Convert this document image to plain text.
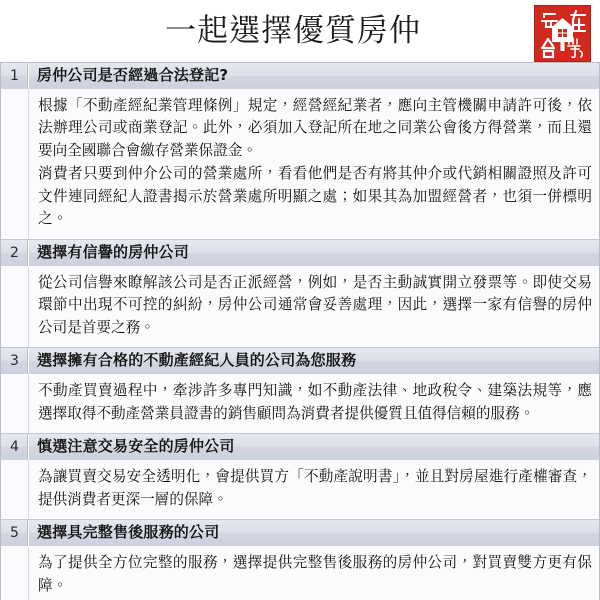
一起選擇優質房仲
1	房仲公司是否經過合法登記?

根據「不動產經紀業管理條例」規定，經營經紀業者，應向主管機關申請許可後，依法辦理公司或商業登記。此外，必須加入登記所在地之同業公會後方得營業，而且還要向全國聯合會繳存營業保證金。

消費者只要到仲介公司的營業處所，看看他們是否有將其仲介或代銷相關證照及許可文件連同經紀人證書揭示於營業處所明顯之處；如果其為加盟經營者，也須一併標明之。

2	選擇有信譽的房仲公司

從公司信譽來瞭解該公司是否正派經營，例如，是否主動誠實開立發票等。即使交易環節中出現不可控的糾紛，房仲公司通常會妥善處理，因此，選擇一家有信譽的房仲公司是首要之務。

3	選擇擁有合格的不動產經紀人員的公司為您服務

不動產買賣過程中，牽涉許多專門知識，如不動產法律、地政稅令、建築法規等，應選擇取得不動產營業員證書的銷售顧問為消費者提供優質且值得信賴的服務。

4	慎選注意交易安全的房仲公司

為讓買賣交易安全透明化，會提供買方「不動產說明書」，並且對房屋進行產權審查，提供消費者更深一層的保障。

5	選擇具完整售後服務的公司

為了提供全方位完整的服務，選擇提供完整售後服務的房仲公司，對買賣雙方更有保障。
